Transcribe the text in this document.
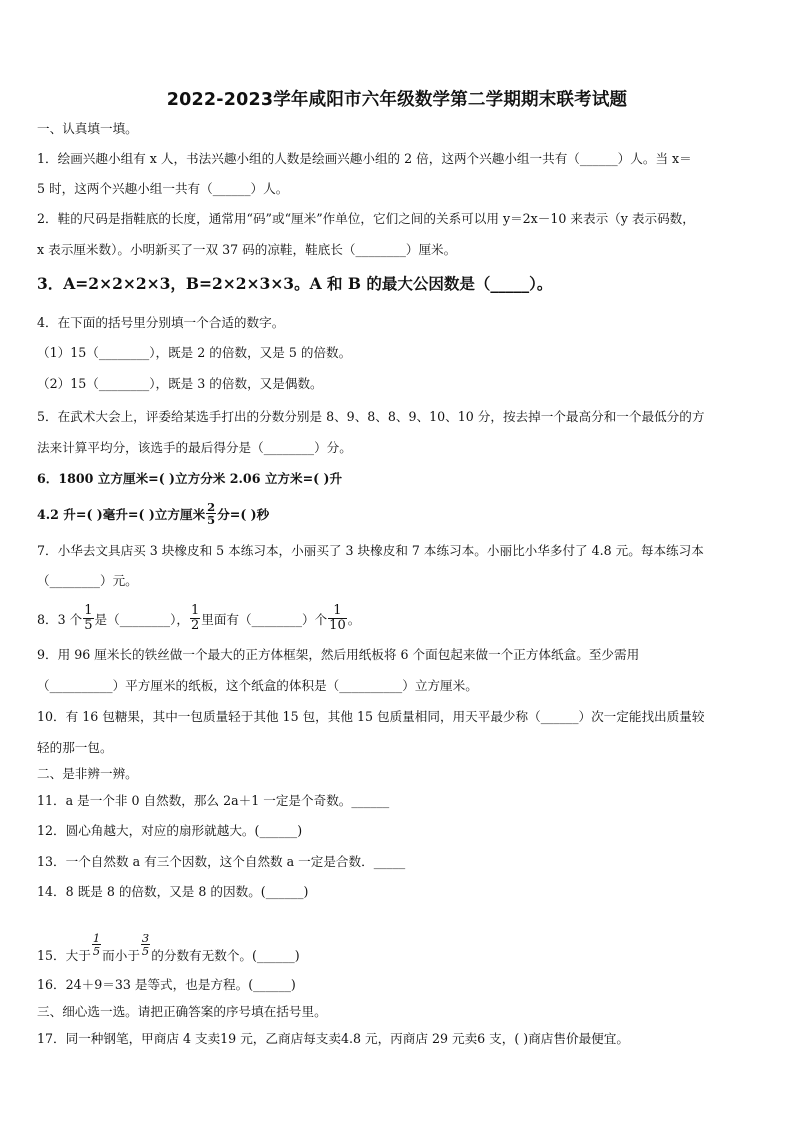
2022-2023学年咸阳市六年级数学第二学期期末联考试题
一、认真填一填。
1．绘画兴趣小组有 x 人，书法兴趣小组的人数是绘画兴趣小组的 2 倍，这两个兴趣小组一共有（______）人。当 x＝
5 时，这两个兴趣小组一共有（______）人。
2．鞋的尺码是指鞋底的长度，通常用“码”或“厘米”作单位，它们之间的关系可以用 y＝2x－10 来表示（y 表示码数，
x 表示厘米数）。小明新买了一双 37 码的凉鞋，鞋底长（________）厘米。
3．A=2×2×2×3，B=2×2×3×3。A 和 B 的最大公因数是（_____）。
4．在下面的括号里分别填一个合适的数字。
（1）15（________），既是 2 的倍数，又是 5 的倍数。
（2）15（________），既是 3 的倍数，又是偶数。
5．在武术大会上，评委给某选手打出的分数分别是 8、9、8、8、9、10、10 分，按去掉一个最高分和一个最低分的方
法来计算平均分，该选手的最后得分是（________）分。
6．1800 立方厘米=( )立方分米 2.06 立方米=( )升
4.2 升=( )毫升=( )立方厘米 $\frac{2}{5}$ 分=( )秒
7．小华去文具店买 3 块橡皮和 5 本练习本，小丽买了 3 块橡皮和 7 本练习本。小丽比小华多付了 4.8 元。每本练习本
（________）元。
8．3 个 $\frac{1}{5}$ 是（________）， $\frac{1}{2}$ 里面有（________）个 $\frac{1}{10}$ 。
9．用 96 厘米长的铁丝做一个最大的正方体框架，然后用纸板将 6 个面包起来做一个正方体纸盒。至少需用
（__________）平方厘米的纸板，这个纸盒的体积是（__________）立方厘米。
10．有 16 包糖果，其中一包质量轻于其他 15 包，其他 15 包质量相同，用天平最少称（______）次一定能找出质量较
轻的那一包。
二、是非辨一辨。
11．a 是一个非 0 自然数，那么 2a＋1 一定是个奇数。______
12．圆心角越大，对应的扇形就越大。(______)
13．一个自然数 a 有三个因数，这个自然数 a 一定是合数．_____
14．8 既是 8 的倍数，又是 8 的因数。(______)
15．大于 $\frac{1}{5}$ 而小于 $\frac{3}{5}$ 的分数有无数个。(______)
16．24＋9＝33 是等式，也是方程。(______)
三、细心选一选。请把正确答案的序号填在括号里。
17．同一种钢笔，甲商店 4 支卖19 元，乙商店每支卖4.8 元，丙商店 29 元卖6 支，( )商店售价最便宜。
